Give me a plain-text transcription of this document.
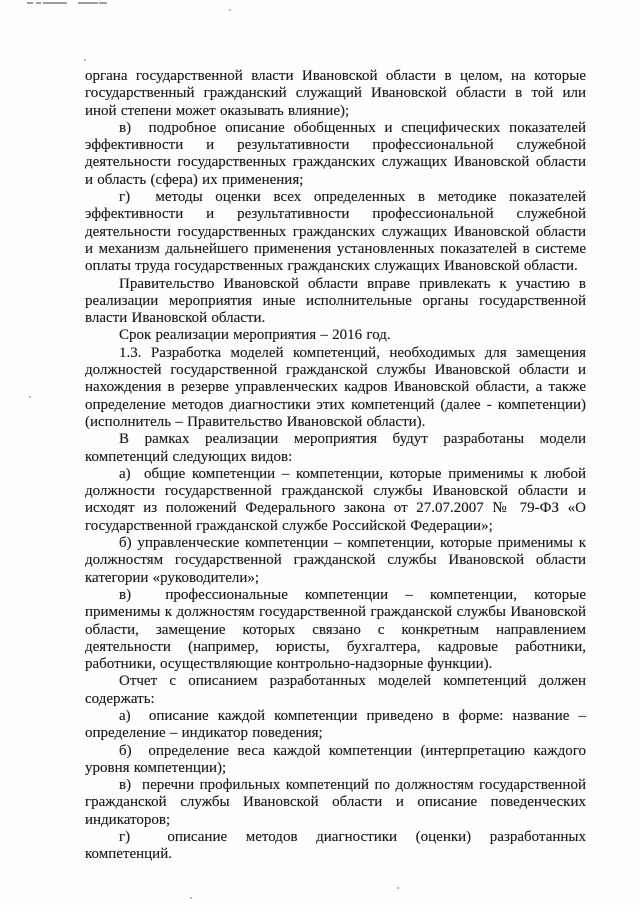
органа государственной власти Ивановской области в целом, на которые государственный гражданский служащий Ивановской области в той или иной степени может оказывать влияние);

в)  подробное описание обобщенных и специфических показателей эффективности и результативности профессиональной служебной деятельности государственных гражданских служащих Ивановской области и область (сфера) их применения;

г)  методы оценки всех определенных в методике показателей эффективности и результативности профессиональной служебной деятельности государственных гражданских служащих Ивановской области и механизм дальнейшего применения установленных показателей в системе оплаты труда государственных гражданских служащих Ивановской области.

Правительство Ивановской области вправе привлекать к участию в реализации мероприятия иные исполнительные органы государственной власти Ивановской области.

Срок реализации мероприятия – 2016 год.

1.3. Разработка моделей компетенций, необходимых для замещения должностей государственной гражданской службы Ивановской области и нахождения в резерве управленческих кадров Ивановской области, а также определение методов диагностики этих компетенций (далее - компетенции) (исполнитель – Правительство Ивановской области).

В рамках реализации мероприятия будут разработаны модели компетенций следующих видов:

а)  общие компетенции – компетенции, которые применимы к любой должности государственной гражданской службы Ивановской области и исходят из положений Федерального закона от 27.07.2007 № 79-ФЗ «О государственной гражданской службе Российской Федерации»;

б) управленческие компетенции – компетенции, которые применимы к должностям государственной гражданской службы Ивановской области категории «руководители»;

в)  профессиональные компетенции – компетенции, которые применимы к должностям государственной гражданской службы Ивановской области, замещение которых связано с конкретным направлением деятельности (например, юристы, бухгалтера, кадровые работники, работники, осуществляющие контрольно-надзорные функции).

Отчет с описанием разработанных моделей компетенций должен содержать:

а)  описание каждой компетенции приведено в форме: название – определение – индикатор поведения;

б)  определение веса каждой компетенции (интерпретацию каждого уровня компетенции);

в)  перечни профильных компетенций по должностям государственной гражданской службы Ивановской области и описание поведенческих индикаторов;

г)  описание методов диагностики (оценки) разработанных компетенций.
